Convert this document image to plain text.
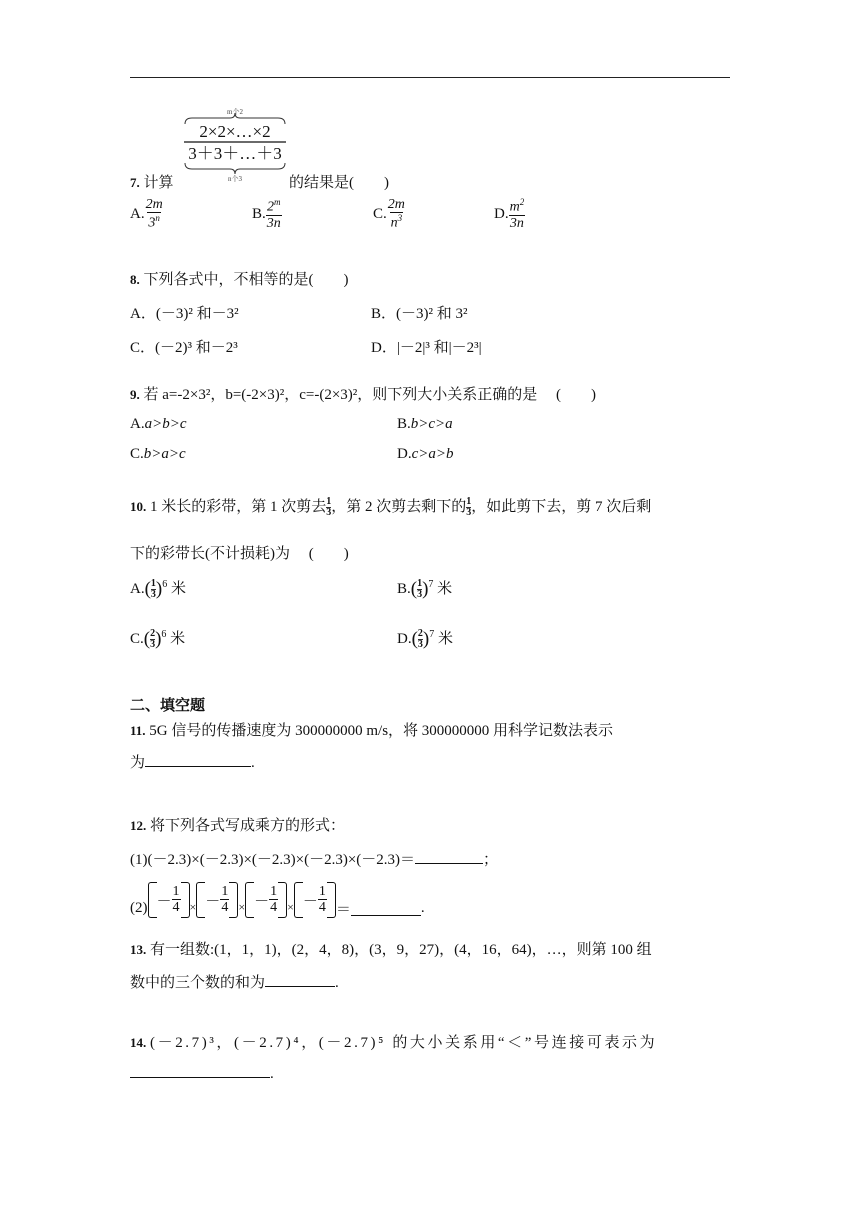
m个2
2×2×…×2
3＋3＋…＋3
n个3
7. 计算	的结果是(　　)
A. $\frac{2m}{3^n}$	B. $\frac{2^m}{3n}$	C. $\frac{2m}{n^3}$	D. $\frac{m^2}{3n}$
8. 下列各式中，不相等的是(　　)
A．(－3)² 和－3²	B．(－3)² 和 3²
C．(－2)³ 和－2³	D．|－2|³ 和|－2³|
9. 若 a=-2×3²，b=(-2×3)²，c=-(2×3)²，则下列大小关系正确的是　 (　　)
A.a>b>c	B.b>c>a
C.b>a>c	D.c>a>b
10. 1 米长的彩带，第 1 次剪去 $\frac{1}{3}$ ，第 2 次剪去剩下的 $\frac{1}{3}$ ，如此剪下去，剪 7 次后剩
下的彩带长(不计损耗)为　 (　　)
$A.( \frac{1}{3} )^6$ 米	$B.( \frac{1}{3} )^7$ 米
$C.( \frac{2}{3} )^6$ 米	$D.( \frac{2}{3} )^7$ 米
二、填空题
11. 5G 信号的传播速度为 300000000 m/s，将 300000000 用科学记数法表示
为	.
12. 将下列各式写成乘方的形式：
(1)(－2.3)×(－2.3)×(－2.3)×(－2.3)×(－2.3)＝	；
$(2) - \frac{1}{4}$ × － $\frac{1}{4}$ × － $\frac{1}{4}$ × － $\frac{1}{4}$ ＝	.
13. 有一组数:(1，1，1)，(2，4，8)，(3，9，27)，(4，16，64)，…，则第 100 组
数中的三个数的和为	.
14. (－2.7)³，(－2.7)⁴，(－2.7)⁵ 的大小关系用“＜”号连接可表示为
.
